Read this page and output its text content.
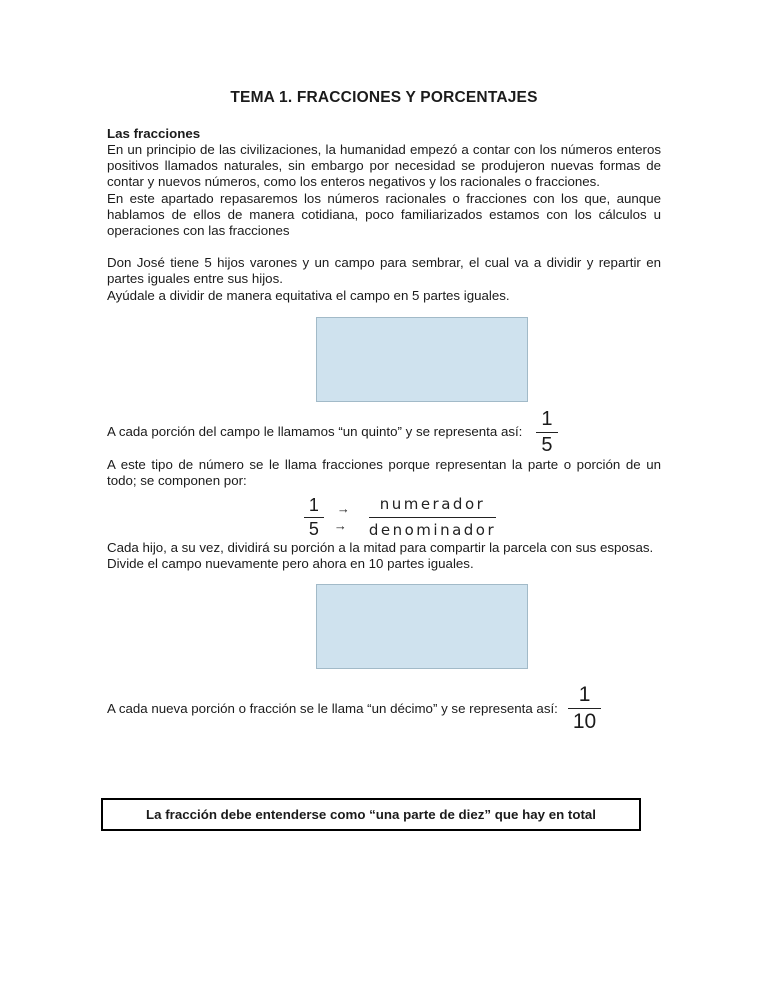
TEMA 1. FRACCIONES Y PORCENTAJES
Las fracciones

En un principio de las civilizaciones, la humanidad empezó a contar con los números enteros positivos llamados naturales, sin embargo por necesidad se produjeron nuevas formas de contar y nuevos números, como los enteros negativos y los racionales o fracciones.

En este apartado repasaremos los números racionales o fracciones con los que, aunque hablamos de ellos de manera cotidiana, poco familiarizados estamos con los cálculos u operaciones con las fracciones

Don José tiene 5 hijos varones y un campo para sembrar, el cual va a dividir y repartir en partes iguales entre sus hijos.

Ayúdale a dividir de manera equitativa el campo en 5 partes iguales.

A cada porción del campo le llamamos “un quinto” y se representa así: $\frac{1}{5}$

A este tipo de número se le llama fracciones porque representan la parte o porción de un todo; se componen por:

$\frac{1}{5}$ →
→ $\frac{\text{numerador}}{\text{denominador}}$

Cada hijo, a su vez, dividirá su porción a la mitad para compartir la parcela con sus esposas.

Divide el campo nuevamente pero ahora en 10 partes iguales.

A cada nueva porción o fracción se le llama “un décimo” y se representa así: $\frac{1}{10}$
La fracción debe entenderse como “una parte de diez” que hay en total
